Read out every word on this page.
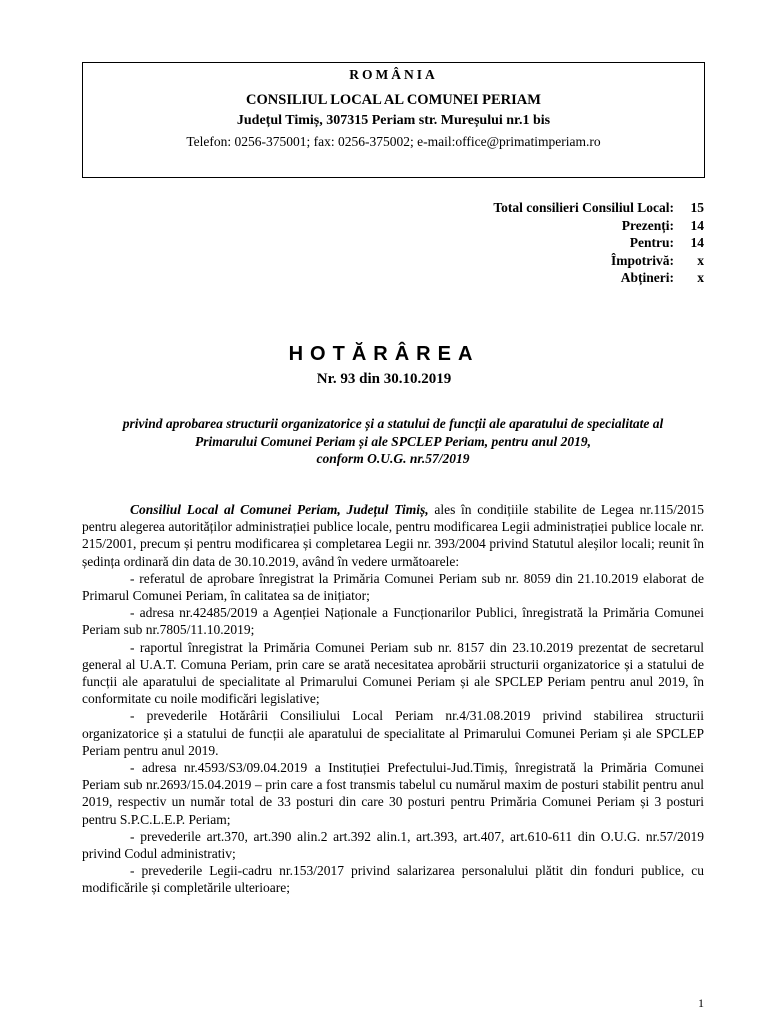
ROMÂNIA
CONSILIUL LOCAL AL COMUNEI PERIAM
Județul Timiș, 307315 Periam str. Mureșului nr.1 bis
Telefon: 0256-375001; fax: 0256-375002; e-mail:office@primatimperiam.ro
Total consilieri Consiliul Local:	15
Prezenți:	14
Pentru:	14
Împotrivă:	x
Abțineri:	x
HOTĂRÂREA
Nr. 93 din 30.10.2019
privind aprobarea structurii organizatorice și a statului de funcții ale aparatului de specialitate al
Primarului Comunei Periam și ale SPCLEP Periam, pentru anul 2019,
conform O.U.G. nr.57/2019

Consiliul Local al Comunei Periam, Județul Timiș, ales în condițiile stabilite de Legea nr.115/2015 pentru alegerea autorităților administrației publice locale, pentru modificarea Legii administrației publice locale nr. 215/2001, precum și pentru modificarea și completarea Legii nr. 393/2004 privind Statutul aleșilor locali; reunit în ședința ordinară din data de 30.10.2019, având în vedere următoarele:

- referatul de aprobare înregistrat la Primăria Comunei Periam sub nr. 8059 din 21.10.2019 elaborat de Primarul Comunei Periam, în calitatea sa de inițiator;

- adresa nr.42485/2019 a Agenției Naționale a Funcționarilor Publici, înregistrată la Primăria Comunei Periam sub nr.7805/11.10.2019;

- raportul înregistrat la Primăria Comunei Periam sub nr. 8157 din 23.10.2019 prezentat de secretarul general al U.A.T. Comuna Periam, prin care se arată necesitatea aprobării structurii organizatorice și a statului de funcții ale aparatului de specialitate al Primarului Comunei Periam și ale SPCLEP Periam pentru anul 2019, în conformitate cu noile modificări legislative;

- prevederile Hotărârii Consiliului Local Periam nr.4/31.08.2019 privind stabilirea structurii organizatorice și a statului de funcții ale aparatului de specialitate al Primarului Comunei Periam și ale SPCLEP Periam pentru anul 2019.

- adresa nr.4593/S3/09.04.2019 a Instituției Prefectului-Jud.Timiș, înregistrată la Primăria Comunei Periam sub nr.2693/15.04.2019 – prin care a fost transmis tabelul cu numărul maxim de posturi stabilit pentru anul 2019, respectiv un număr total de 33 posturi din care 30 posturi pentru Primăria Comunei Periam și 3 posturi pentru S.P.C.L.E.P. Periam;

- prevederile art.370, art.390 alin.2 art.392 alin.1, art.393, art.407, art.610-611 din O.U.G. nr.57/2019 privind Codul administrativ;

- prevederile Legii-cadru nr.153/2017 privind salarizarea personalului plătit din fonduri publice, cu modificările și completările ulterioare;

1
